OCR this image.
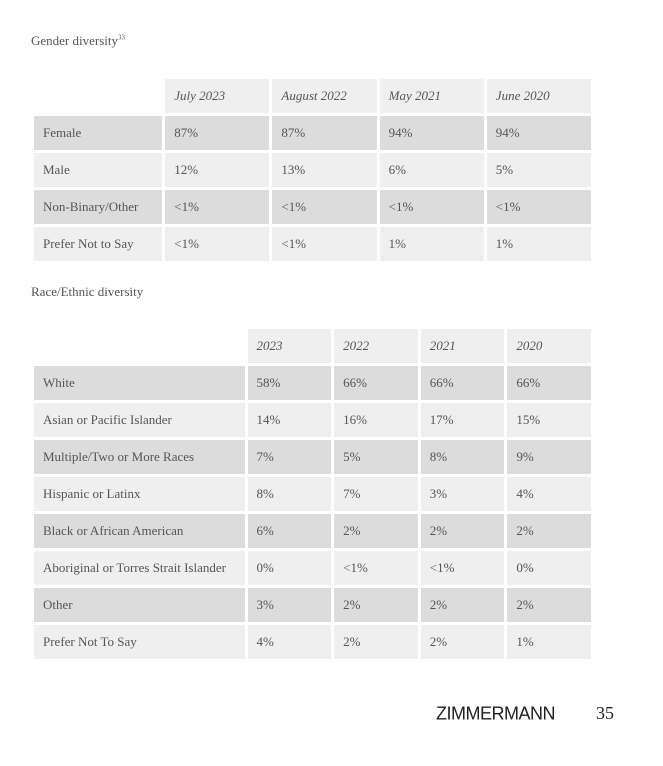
Gender diversity$^{33}$
	July 2023	August 2022	May 2021	June 2020
Female	87%	87%	94%	94%
Male	12%	13%	6%	5%
Non-Binary/Other	<1%	<1%	<1%	<1%
Prefer Not to Say	<1%	<1%	1%	1%
Race/Ethnic diversity
	2023	2022	2021	2020
White	58%	66%	66%	66%
Asian or Pacific Islander	14%	16%	17%	15%
Multiple/Two or More Races	7%	5%	8%	9%
Hispanic or Latinx	8%	7%	3%	4%
Black or African American	6%	2%	2%	2%
Aboriginal or Torres Strait Islander	0%	<1%	<1%	0%
Other	3%	2%	2%	2%
Prefer Not To Say	4%	2%	2%	1%
ZIMMERMANN 35
